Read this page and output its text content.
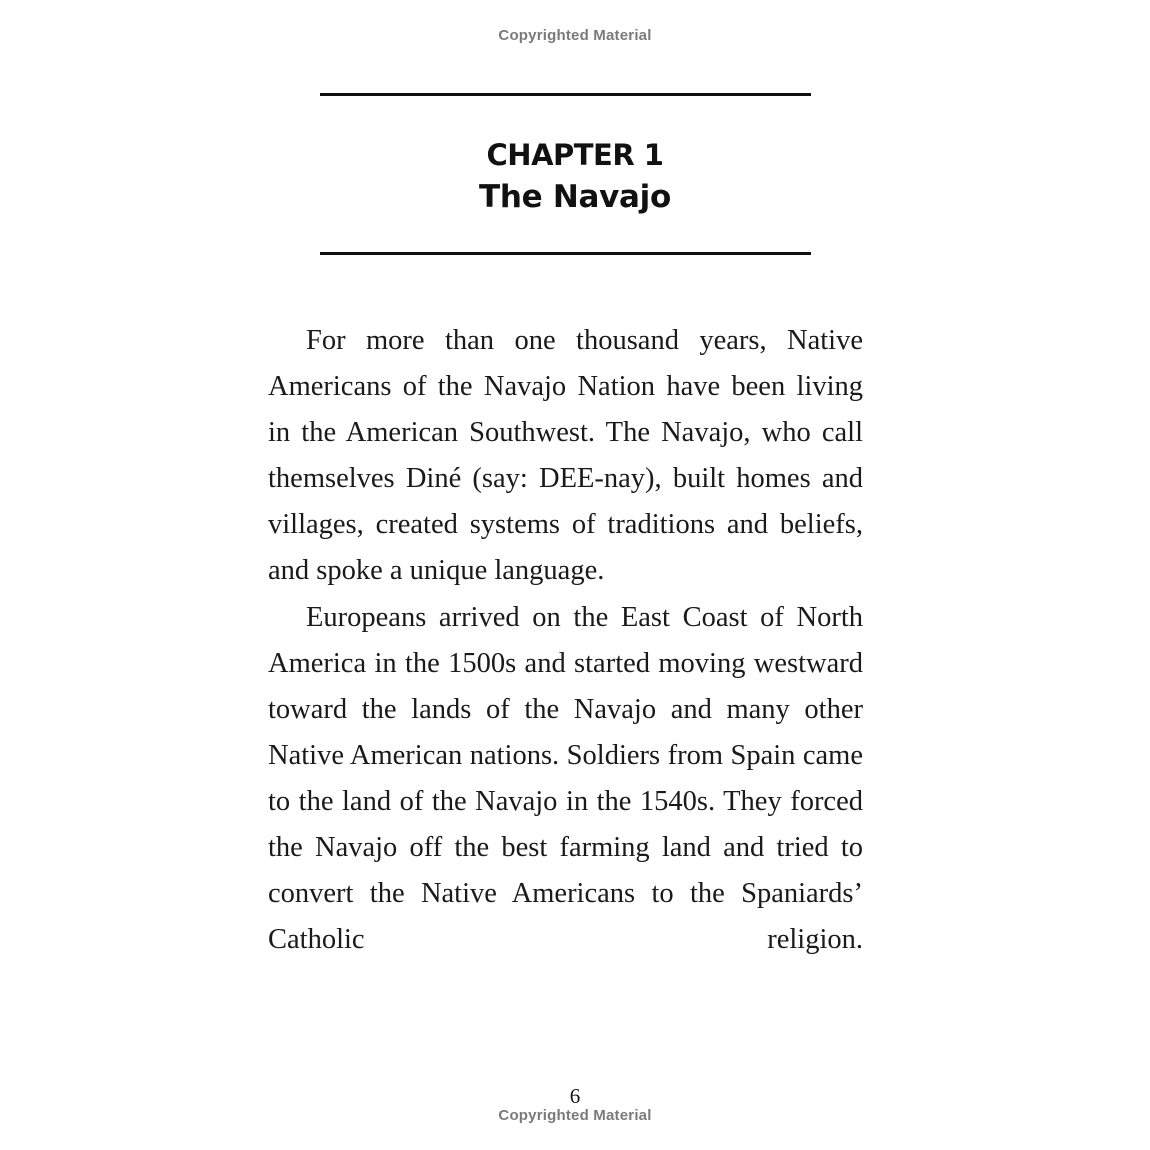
Copyrighted Material
CHAPTER 1
The Navajo

For more than one thousand years, Native Americans of the Navajo Nation have been living in the American Southwest. The Navajo, who call themselves Diné (say: DEE-nay), built homes and villages, created systems of traditions and beliefs, and spoke a unique language.

Europeans arrived on the East Coast of North America in the 1500s and started moving westward toward the lands of the Navajo and many other Native American nations. Soldiers from Spain came to the land of the Navajo in the 1540s. They forced the Navajo off the best farming land and tried to convert the Native Americans to the Spaniards’ Catholic religion.

6
Copyrighted Material
